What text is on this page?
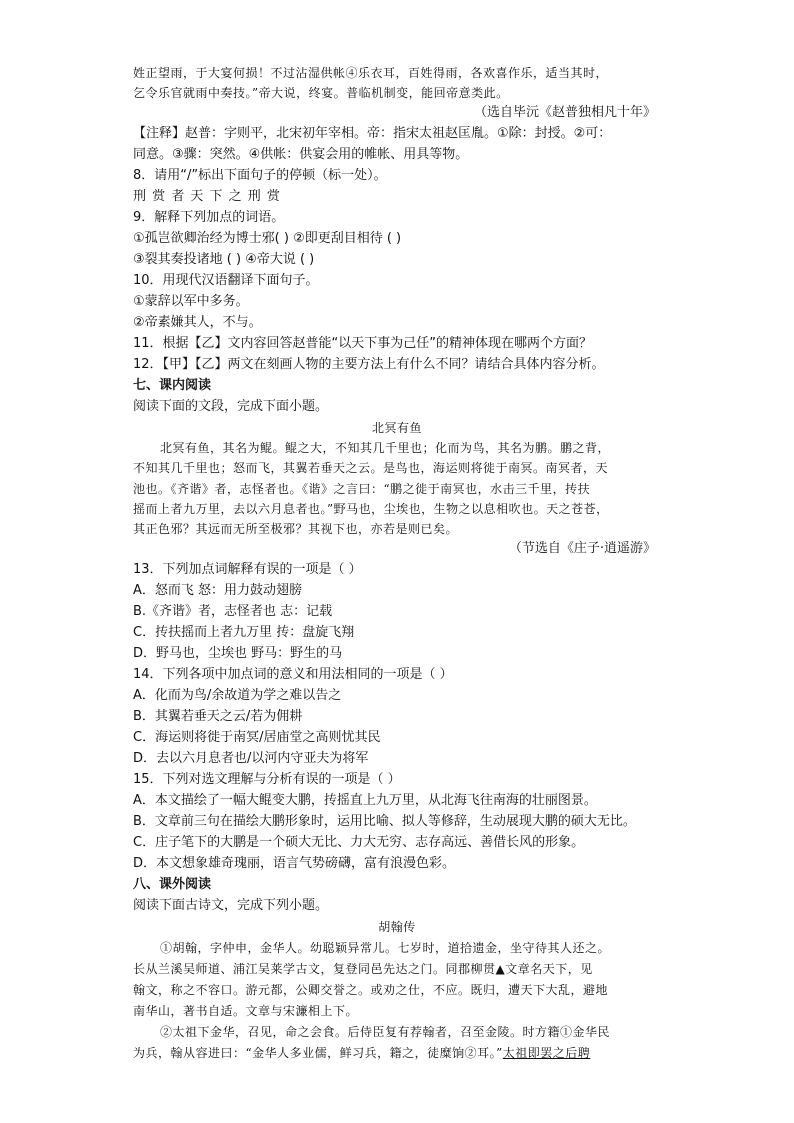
姓正望雨，于大宴何损！不过沾湿供帐④乐衣耳，百姓得雨，各欢喜作乐，适当其时，
乞令乐官就雨中奏技。”帝大说，终宴。普临机制变，能回帝意类此。
（选自毕沅《赵普独相凡十年》
【注释】赵普：字则平，北宋初年宰相。帝：指宋太祖赵匡胤。①除：封授。②可：
同意。③骤：突然。④供帐：供宴会用的帷帐、用具等物。
8．请用“/”标出下面句子的停顿（标一处）。
刑 赏 者 天 下 之 刑 赏
9．解释下列加点的词语。
①孤岂欲卿治经为博士邪( ) ②即更刮目相待 ( )
③裂其奏投诸地 ( ) ④帝大说 ( )
10．用现代汉语翻译下面句子。
①蒙辞以军中多务。
②帝素嫌其人，不与。
11．根据【乙】文内容回答赵普能“以天下事为己任”的精神体现在哪两个方面？
12．【甲】【乙】两文在刻画人物的主要方法上有什么不同？请结合具体内容分析。
七、课内阅读
阅读下面的文段，完成下面小题。
北冥有鱼
北冥有鱼，其名为鲲。鲲之大，不知其几千里也；化而为鸟，其名为鹏。鹏之背，
不知其几千里也；怒而飞，其翼若垂天之云。是鸟也，海运则将徙于南冥。南冥者，天
池也。《齐谐》者，志怪者也。《谐》之言曰：“鹏之徙于南冥也，水击三千里，抟扶
摇而上者九万里，去以六月息者也。”野马也，尘埃也，生物之以息相吹也。天之苍苍，
其正色邪？其远而无所至极邪？其视下也，亦若是则已矣。
（节选自《庄子·逍遥游》
13．下列加点词解释有误的一项是（ ）
A．怒而飞 怒：用力鼓动翅膀
B.《齐谐》者，志怪者也 志：记载
C．抟扶摇而上者九万里 抟：盘旋飞翔
D．野马也，尘埃也 野马：野生的马
14．下列各项中加点词的意义和用法相同的一项是（ ）
A．化而为鸟/余故道为学之难以告之
B．其翼若垂天之云/若为佣耕
C．海运则将徙于南冥/居庙堂之高则忧其民
D．去以六月息者也/以河内守亚夫为将军
15．下列对选文理解与分析有误的一项是（ ）
A．本文描绘了一幅大鲲变大鹏，抟摇直上九万里，从北海飞往南海的壮丽图景。
B．文章前三句在描绘大鹏形象时，运用比喻、拟人等修辞，生动展现大鹏的硕大无比。
C．庄子笔下的大鹏是一个硕大无比、力大无穷、志存高远、善借长风的形象。
D．本文想象雄奇瑰丽，语言气势磅礴，富有浪漫色彩。
八、课外阅读
阅读下面古诗文，完成下列小题。
胡翰传
①胡翰，字仲申，金华人。幼聪颖异常儿。七岁时，道拾遗金，坐守待其人还之。
长从兰溪吴师道、浦江吴莱学古文，复登同邑先达之门。同郡柳贯▲文章名天下，见
翰文，称之不容口。游元都，公卿交誉之。或劝之仕，不应。既归，遭天下大乱，避地
南华山，著书自适。文章与宋濂相上下。
②太祖下金华，召见，命之会食。后侍臣复有荐翰者，召至金陵。时方籍①金华民
为兵，翰从容进曰：“金华人多业儒，鲜习兵，籍之，徒糜饷②耳。”太祖即罢之后聘
